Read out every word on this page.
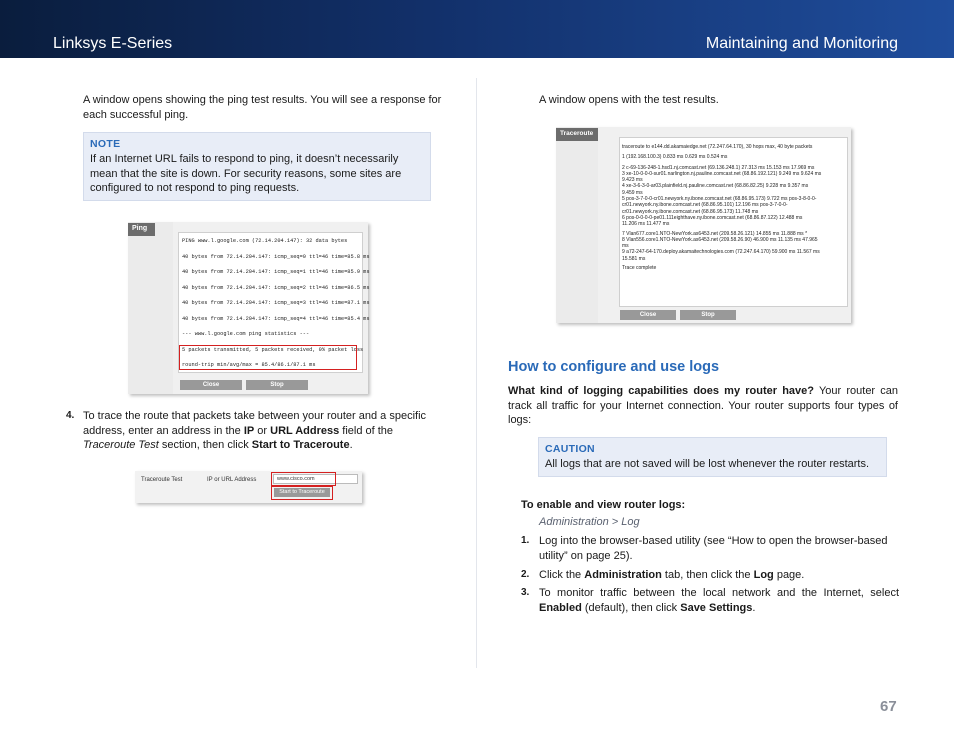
Linksys E-Series	Maintaining and Monitoring
A window opens showing the ping test results. You will see a response for each successful ping.
NOTE
If an Internet URL fails to respond to ping, it doesn’t necessarily mean that the site is down. For security reasons, some sites are configured to not respond to ping requests.
Ping
PING www.l.google.com (72.14.204.147): 32 data bytes
40 bytes from 72.14.204.147: icmp_seq=0 ttl=46 time=85.8 ms
40 bytes from 72.14.204.147: icmp_seq=1 ttl=46 time=85.9 ms
40 bytes from 72.14.204.147: icmp_seq=2 ttl=46 time=86.5 ms
40 bytes from 72.14.204.147: icmp_seq=3 ttl=46 time=87.1 ms
40 bytes from 72.14.204.147: icmp_seq=4 ttl=46 time=85.4 ms
--- www.l.google.com ping statistics ---
5 packets transmitted, 5 packets received, 0% packet loss
round-trip min/avg/max = 85.4/86.1/87.1 ms
Close	Stop
4. To trace the route that packets take between your router and a specific address, enter an address in the IP or URL Address field of the Traceroute Test section, then click Start to Traceroute.
Traceroute Test	IP or URL Address	www.cisco.com
Start to Traceroute
A window opens with the test results.
Traceroute
traceroute to e144.dd.akamaiedge.net (72.247.64.170), 30 hops max, 40 byte packets
1 (192.168.100.3) 0.833 ms 0.629 ms 0.524 ms
2 c-69-136-248-1.hsd1.nj.comcast.net (69.136.248.1) 27.313 ms 15.153 ms 17.969 ms
3 xe-10-0-0-0-sur01.narlington.nj.pauline.comcast.net (68.86.192.121) 9.249 ms 9.624 ms
9.423 ms
4 xe-3-6-3-0-ar03.plainfield.nj.pauline.comcast.net (68.86.82.25) 9.228 ms 9.357 ms
9.459 ms
5 pos-3-7-0-0-cr01.newyork.ny.ibone.comcast.net (68.86.95.173) 9.722 ms pos-3-8-0-0-
cr01.newyork.ny.ibone.comcast.net (68.86.95.101) 12.196 ms pos-3-7-0-0-
cr01.newyork.ny.ibone.comcast.net (68.86.95.173) 11.748 ms
6 pos-0-0-0-0-pe01.111eighthave.ny.ibone.comcast.net (68.86.87.122) 12.488 ms
11.206 ms 11.477 ms
7 Vlan677.core1.NTO-NewYork.as6453.net (209.58.26.121) 14.855 ms 11.888 ms *
8 Vlan556.core1.NTO-NewYork.as6453.net (209.58.26.90) 46.900 ms 11.135 ms 47.965
ms
9 a72-247-64-170.deploy.akamaitechnologies.com (72.247.64.170) 59.900 ms 11.567 ms
15.581 ms
Trace complete
Close	Stop
How to configure and use logs
What kind of logging capabilities does my router have? Your router can track all traffic for your Internet connection. Your router supports four types of logs:
CAUTION
All logs that are not saved will be lost whenever the router restarts.
To enable and view router logs:
Administration > Log
1. Log into the browser-based utility (see “How to open the browser-based utility” on page 25).
2. Click the Administration tab, then click the Log page.
3. To monitor traffic between the local network and the Internet, select Enabled (default), then click Save Settings.
67
